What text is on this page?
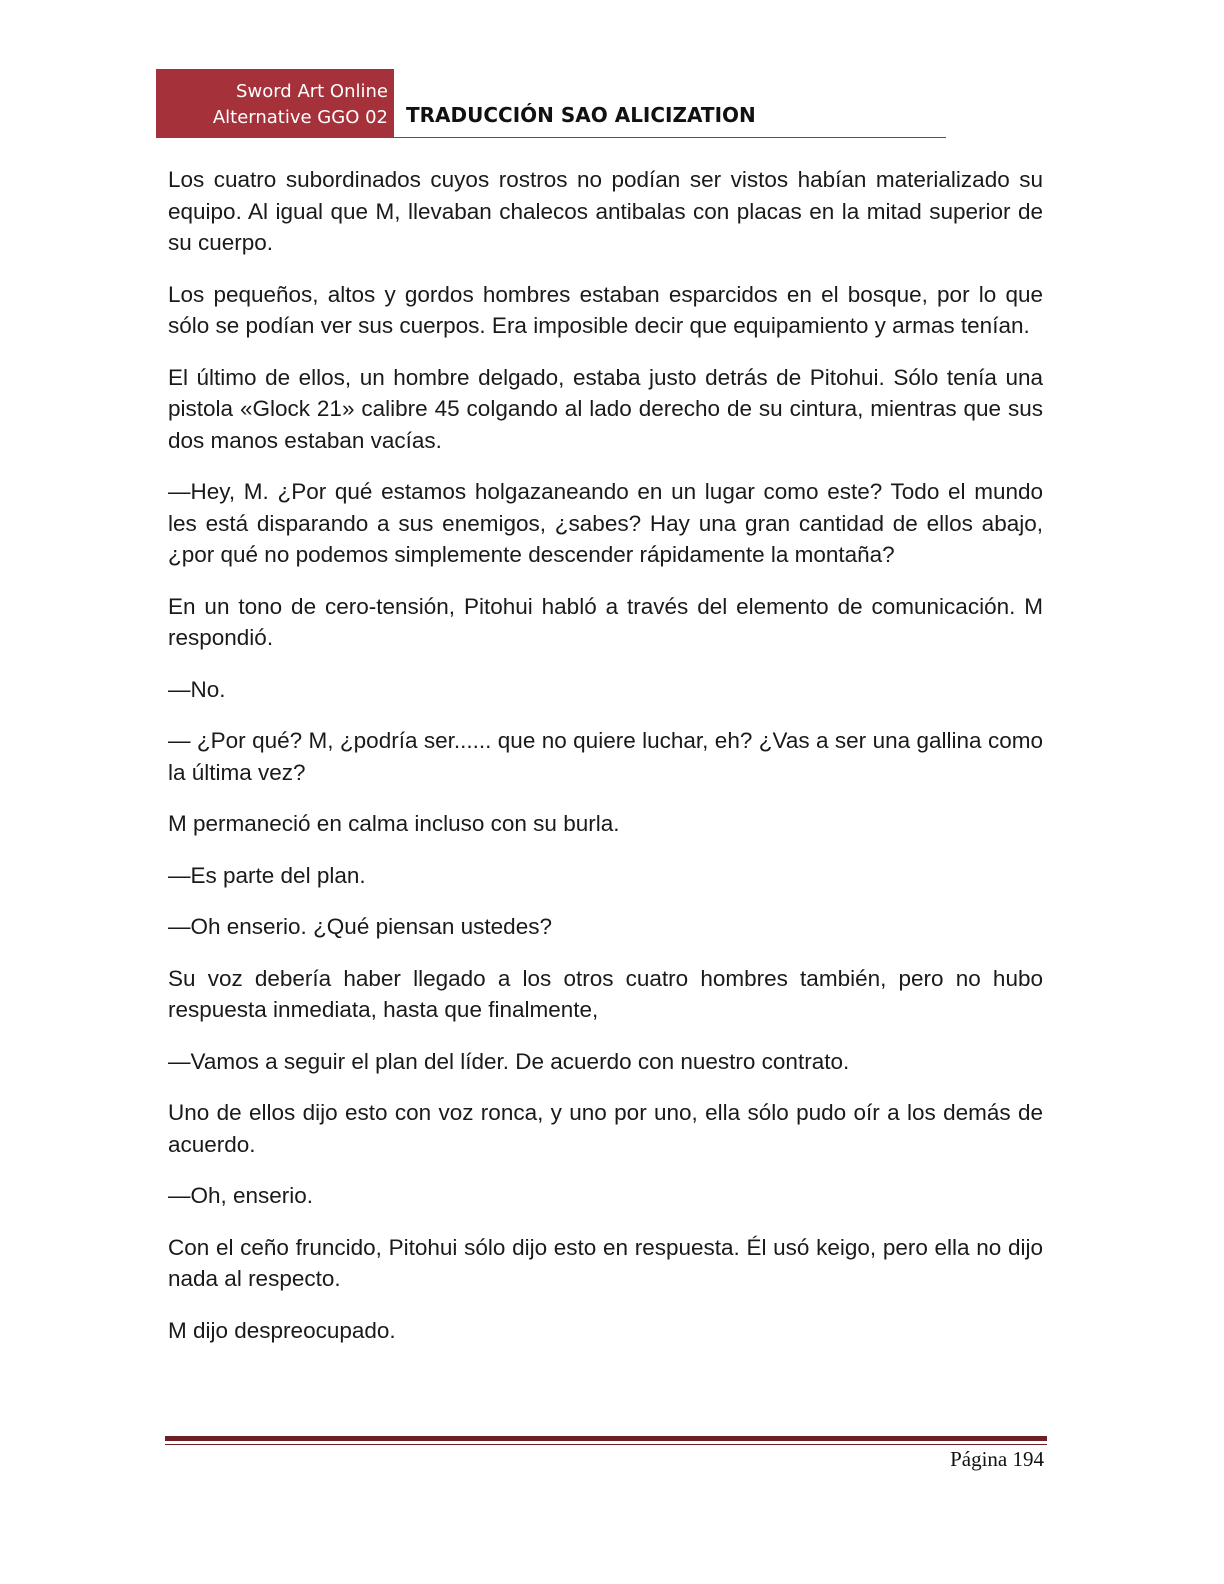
Sword Art Online
Alternative GGO 02 TRADUCCIÓN SAO ALICIZATION

Los cuatro subordinados cuyos rostros no podían ser vistos habían materializado su equipo. Al igual que M, llevaban chalecos antibalas con placas en la mitad superior de su cuerpo.

Los pequeños, altos y gordos hombres estaban esparcidos en el bosque, por lo que sólo se podían ver sus cuerpos. Era imposible decir que equipamiento y armas tenían.

El último de ellos, un hombre delgado, estaba justo detrás de Pitohui. Sólo tenía una pistola «Glock 21» calibre 45 colgando al lado derecho de su cintura, mientras que sus dos manos estaban vacías.

—Hey, M. ¿Por qué estamos holgazaneando en un lugar como este? Todo el mundo les está disparando a sus enemigos, ¿sabes? Hay una gran cantidad de ellos abajo, ¿por qué no podemos simplemente descender rápidamente la montaña?

En un tono de cero-tensión, Pitohui habló a través del elemento de comunicación. M respondió.

—No.

— ¿Por qué? M, ¿podría ser...... que no quiere luchar, eh? ¿Vas a ser una gallina como la última vez?

M permaneció en calma incluso con su burla.

—Es parte del plan.

—Oh enserio. ¿Qué piensan ustedes?

Su voz debería haber llegado a los otros cuatro hombres también, pero no hubo respuesta inmediata, hasta que finalmente,

—Vamos a seguir el plan del líder. De acuerdo con nuestro contrato.

Uno de ellos dijo esto con voz ronca, y uno por uno, ella sólo pudo oír a los demás de acuerdo.

—Oh, enserio.

Con el ceño fruncido, Pitohui sólo dijo esto en respuesta. Él usó keigo, pero ella no dijo nada al respecto.

M dijo despreocupado.

Página 194
